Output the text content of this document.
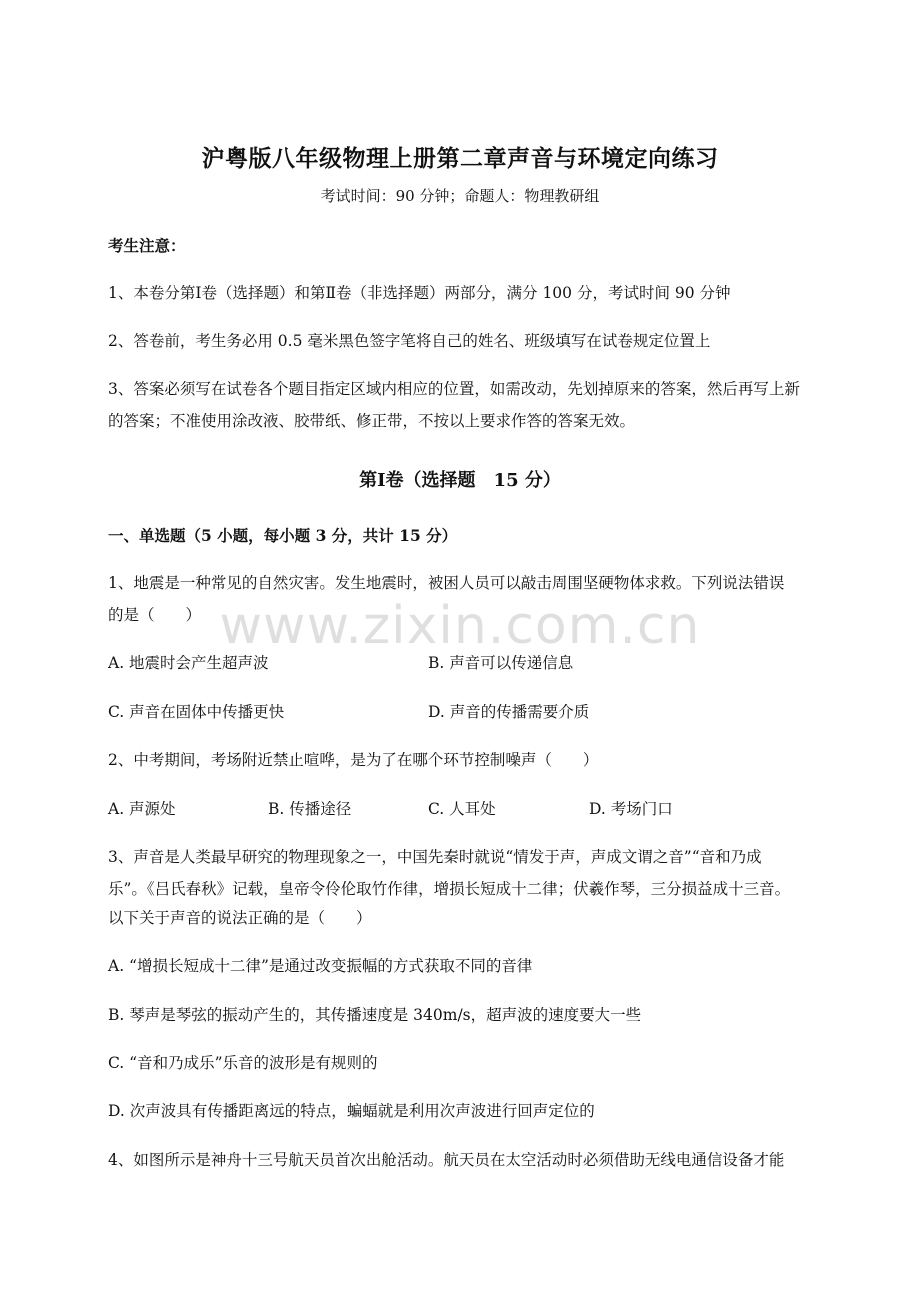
沪粤版八年级物理上册第二章声音与环境定向练习
考试时间：90 分钟；命题人：物理教研组
考生注意：
1、本卷分第Ⅰ卷（选择题）和第Ⅱ卷（非选择题）两部分，满分 100 分，考试时间 90 分钟
2、答卷前，考生务必用 0.5 毫米黑色签字笔将自己的姓名、班级填写在试卷规定位置上
3、答案必须写在试卷各个题目指定区域内相应的位置，如需改动，先划掉原来的答案，然后再写上新
的答案；不准使用涂改液、胶带纸、修正带，不按以上要求作答的答案无效。
第Ⅰ卷（选择题　15 分）
一、单选题（5 小题，每小题 3 分，共计 15 分）
www.zixin.com.cn
1、地震是一种常见的自然灾害。发生地震时，被困人员可以敲击周围坚硬物体求救。下列说法错误
的是（　　）
A. 地震时会产生超声波	B. 声音可以传递信息
C. 声音在固体中传播更快	D. 声音的传播需要介质
2、中考期间，考场附近禁止喧哗，是为了在哪个环节控制噪声（　　）
A. 声源处	B. 传播途径	C. 人耳处	D. 考场门口
3、声音是人类最早研究的物理现象之一，中国先秦时就说“情发于声，声成文谓之音”“音和乃成
乐”。《吕氏春秋》记载，皇帝令伶伦取竹作律，增损长短成十二律；伏羲作琴，三分损益成十三音。
以下关于声音的说法正确的是（　　）
A. “增损长短成十二律”是通过改变振幅的方式获取不同的音律
B. 琴声是琴弦的振动产生的，其传播速度是 340m/s，超声波的速度要大一些
C. “音和乃成乐”乐音的波形是有规则的
D. 次声波具有传播距离远的特点，蝙蝠就是利用次声波进行回声定位的
4、如图所示是神舟十三号航天员首次出舱活动。航天员在太空活动时必须借助无线电通信设备才能
